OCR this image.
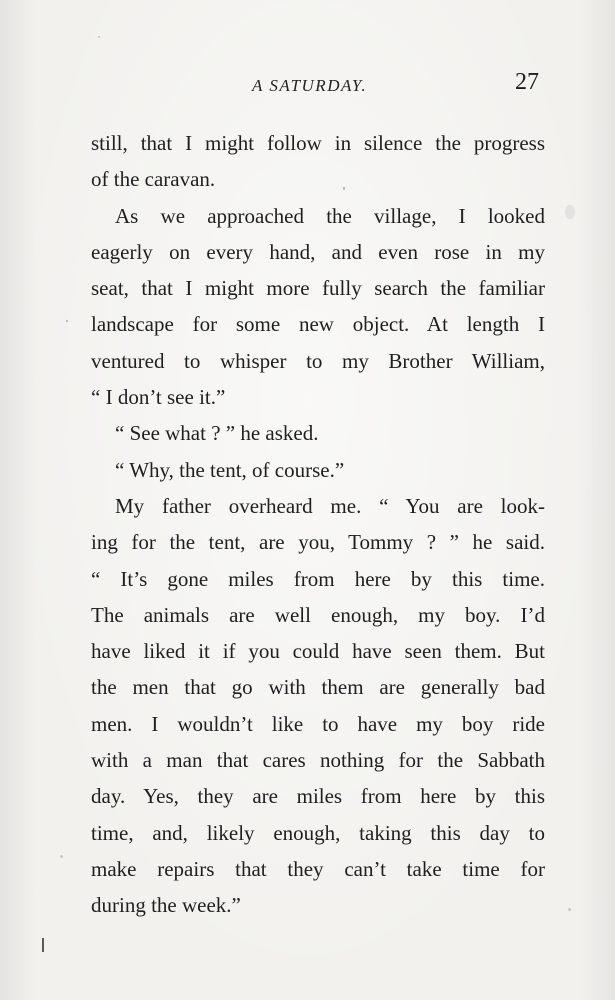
A SATURDAY.	27
still, that I might follow in silence the progress
of the caravan.
As we approached the village, I looked
eagerly on every hand, and even rose in my
seat, that I might more fully search the familiar
landscape for some new object. At length I
ventured to whisper to my Brother William,
“ I don’t see it.”
“ See what ? ” he asked.
“ Why, the tent, of course.”
My father overheard me. “ You are look-
ing for the tent, are you, Tommy ? ” he said.
“ It’s gone miles from here by this time.
The animals are well enough, my boy. I’d
have liked it if you could have seen them. But
the men that go with them are generally bad
men. I wouldn’t like to have my boy ride
with a man that cares nothing for the Sabbath
day. Yes, they are miles from here by this
time, and, likely enough, taking this day to
make repairs that they can’t take time for
during the week.”
